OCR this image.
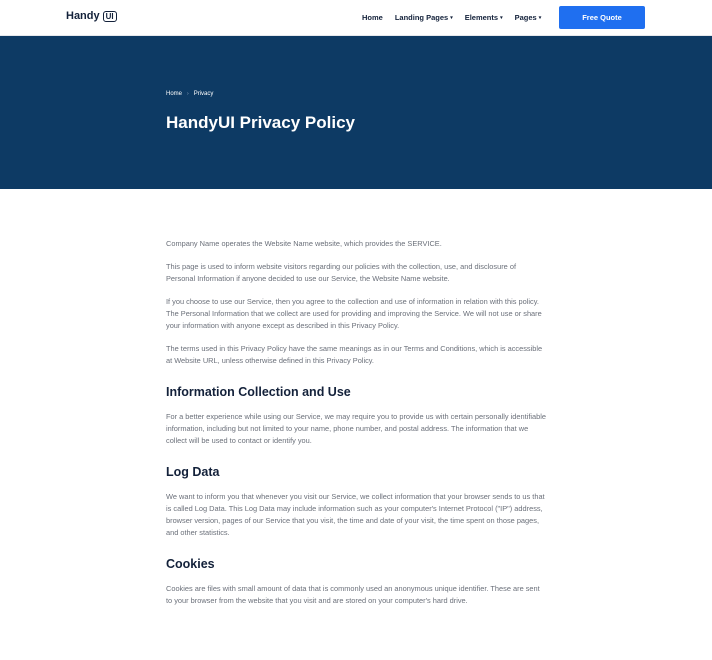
Handy UI	Home Landing Pages ▾ Elements ▾ Pages ▾	Free Quote
Home › Privacy
HandyUI Privacy Policy

Company Name operates the Website Name website, which provides the SERVICE.

This page is used to inform website visitors regarding our policies with the collection, use, and disclosure of Personal Information if anyone decided to use our Service, the Website Name website.

If you choose to use our Service, then you agree to the collection and use of information in relation with this policy. The Personal Information that we collect are used for providing and improving the Service. We will not use or share your information with anyone except as described in this Privacy Policy.

The terms used in this Privacy Policy have the same meanings as in our Terms and Conditions, which is accessible at Website URL, unless otherwise defined in this Privacy Policy.

Information Collection and Use

For a better experience while using our Service, we may require you to provide us with certain personally identifiable information, including but not limited to your name, phone number, and postal address. The information that we collect will be used to contact or identify you.

Log Data

We want to inform you that whenever you visit our Service, we collect information that your browser sends to us that is called Log Data. This Log Data may include information such as your computer's Internet Protocol ("IP") address, browser version, pages of our Service that you visit, the time and date of your visit, the time spent on those pages, and other statistics.

Cookies

Cookies are files with small amount of data that is commonly used an anonymous unique identifier. These are sent to your browser from the website that you visit and are stored on your computer's hard drive.
